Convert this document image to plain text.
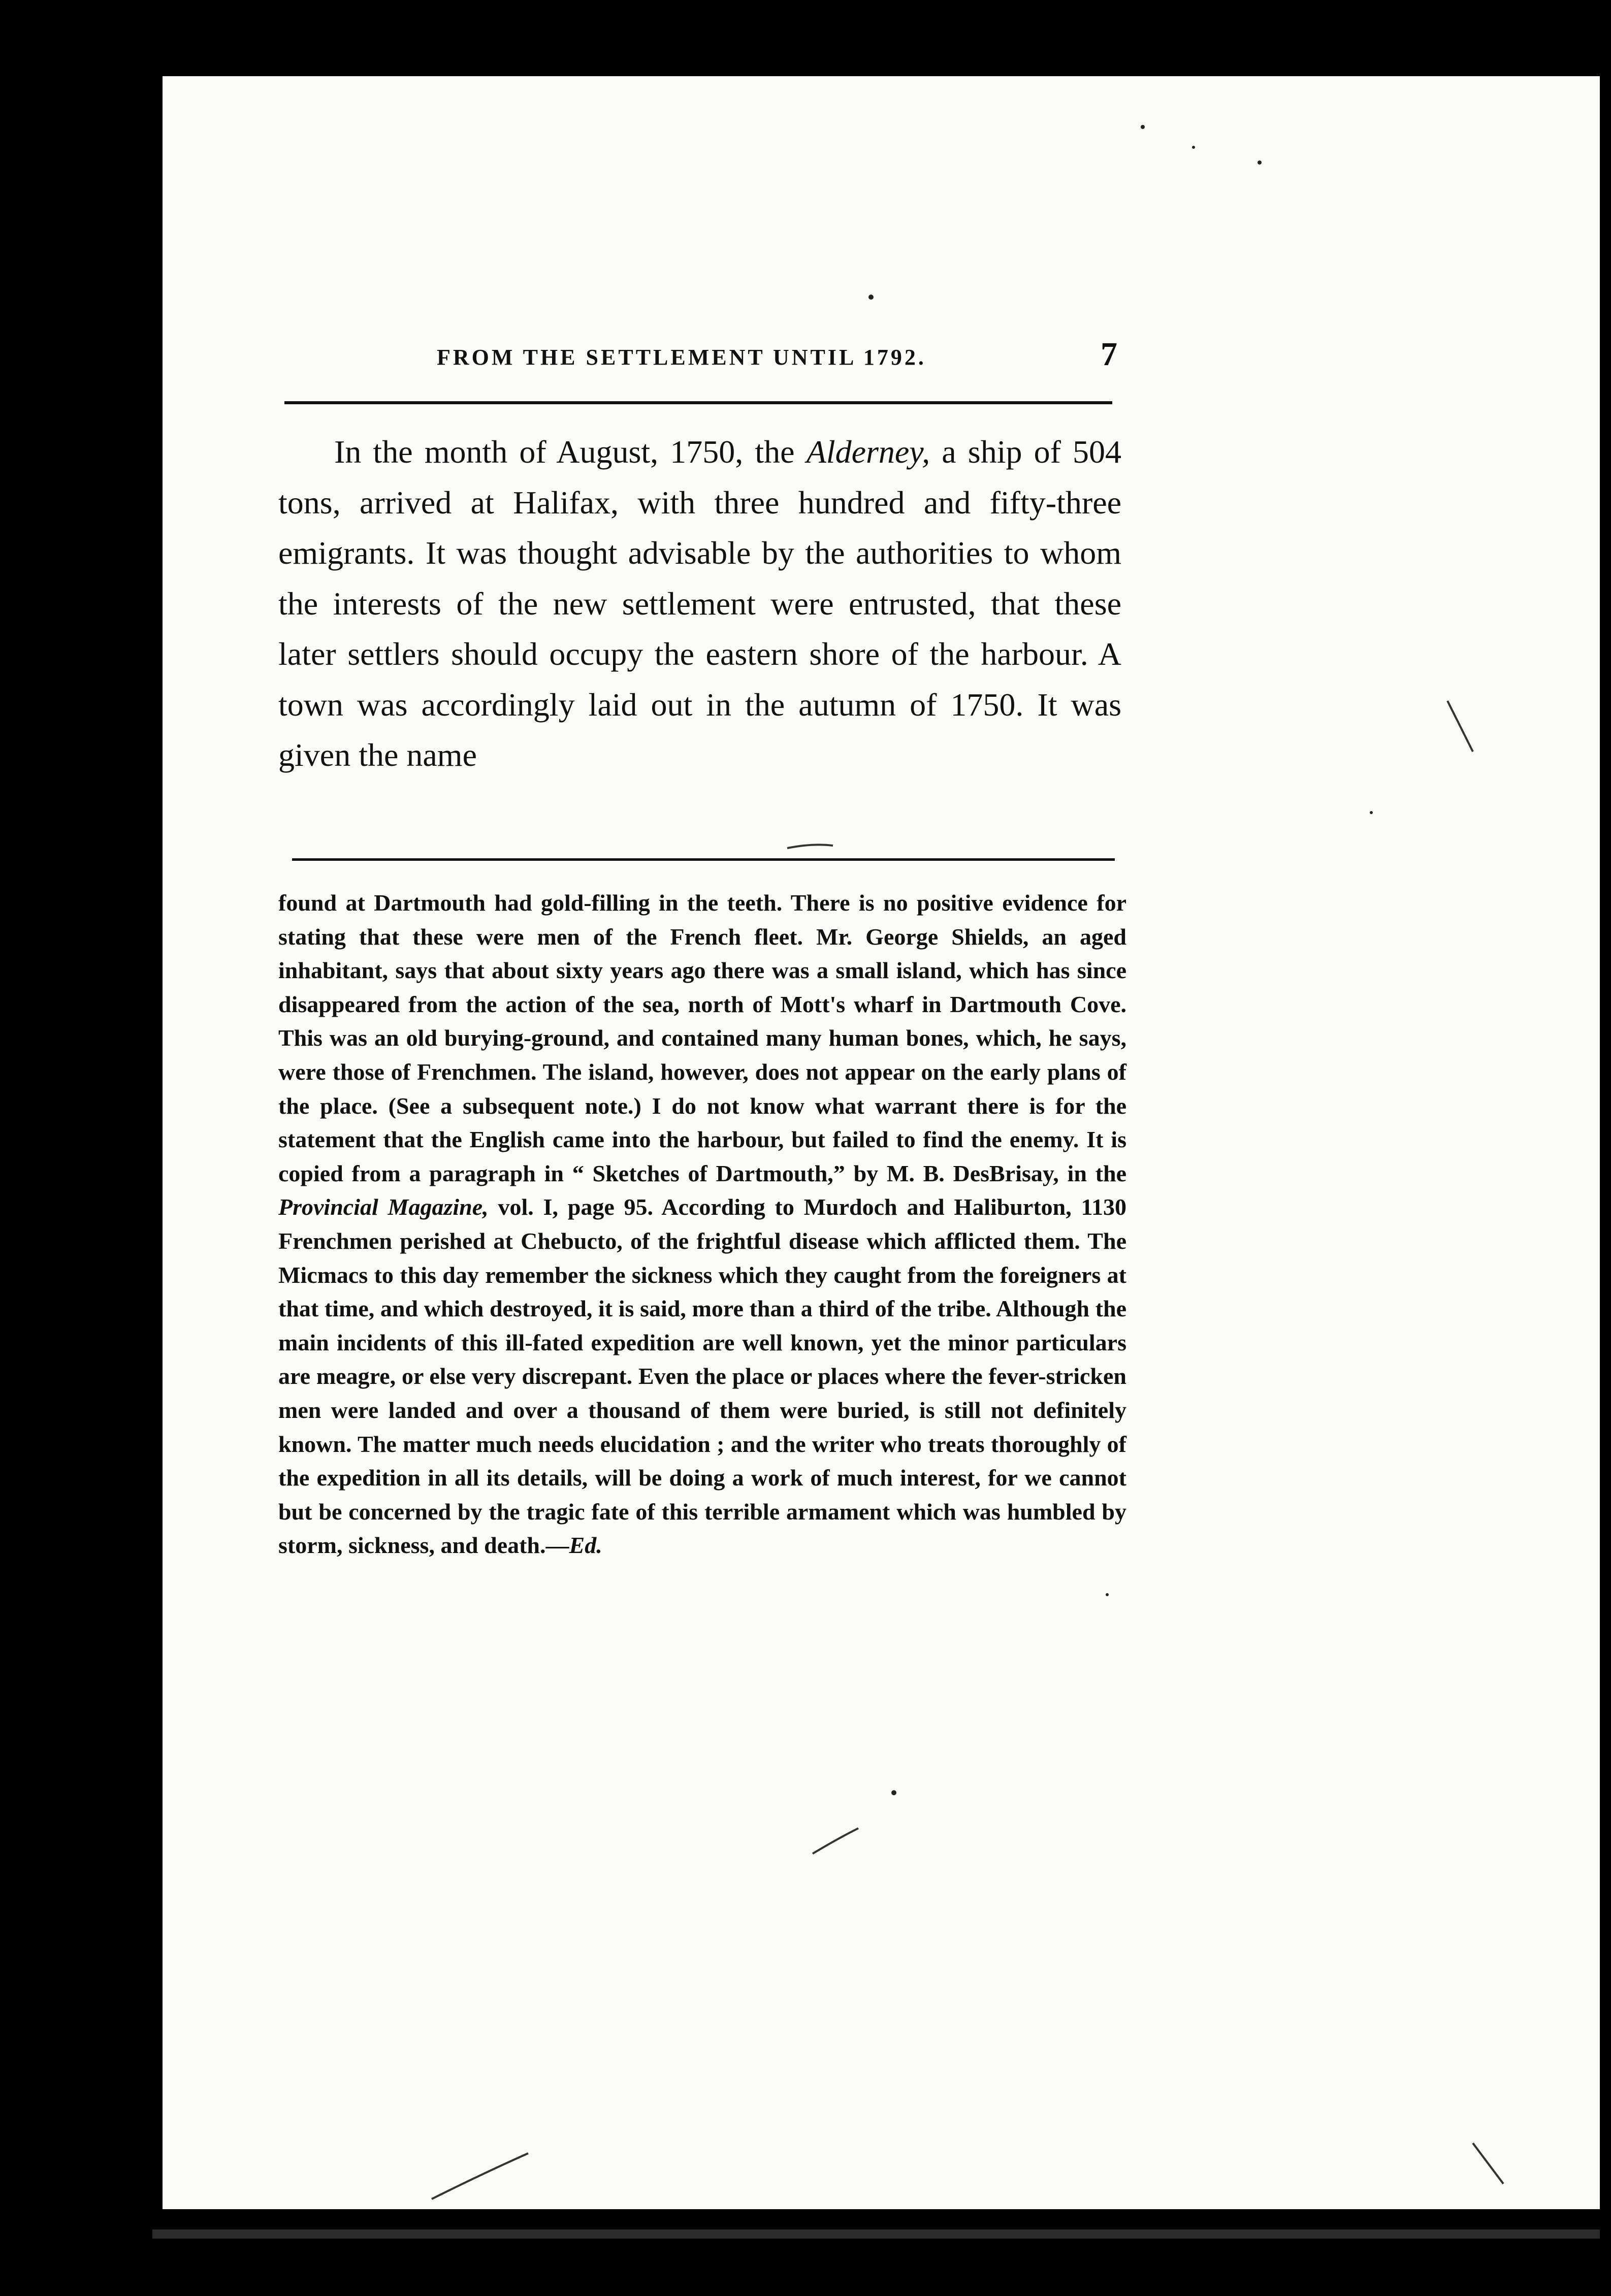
FROM THE SETTLEMENT UNTIL 1792.	7

In the month of August, 1750, the Alderney, a ship of 504 tons, arrived at Halifax, with three hundred and fifty-three emigrants. It was thought advisable by the authorities to whom the interests of the new settlement were entrusted, that these later settlers should occupy the eastern shore of the harbour. A town was accordingly laid out in the autumn of 1750. It was given the name

found at Dartmouth had gold-filling in the teeth. There is no positive evidence for stating that these were men of the French fleet. Mr. George Shields, an aged inhabitant, says that about sixty years ago there was a small island, which has since disappeared from the action of the sea, north of Mott's wharf in Dartmouth Cove. This was an old burying-ground, and contained many human bones, which, he says, were those of Frenchmen. The island, however, does not appear on the early plans of the place. (See a subsequent note.) I do not know what warrant there is for the statement that the English came into the harbour, but failed to find the enemy. It is copied from a paragraph in “ Sketches of Dartmouth,” by M. B. DesBrisay, in the Provincial Magazine, vol. I, page 95. According to Murdoch and Haliburton, 1130 Frenchmen perished at Chebucto, of the frightful disease which afflicted them. The Micmacs to this day remember the sickness which they caught from the foreigners at that time, and which destroyed, it is said, more than a third of the tribe. Although the main incidents of this ill-fated expedition are well known, yet the minor particulars are meagre, or else very discrepant. Even the place or places where the fever-stricken men were landed and over a thousand of them were buried, is still not definitely known. The matter much needs elucidation ; and the writer who treats thoroughly of the expedition in all its details, will be doing a work of much interest, for we cannot but be concerned by the tragic fate of this terrible armament which was humbled by storm, sickness, and death.—Ed.
